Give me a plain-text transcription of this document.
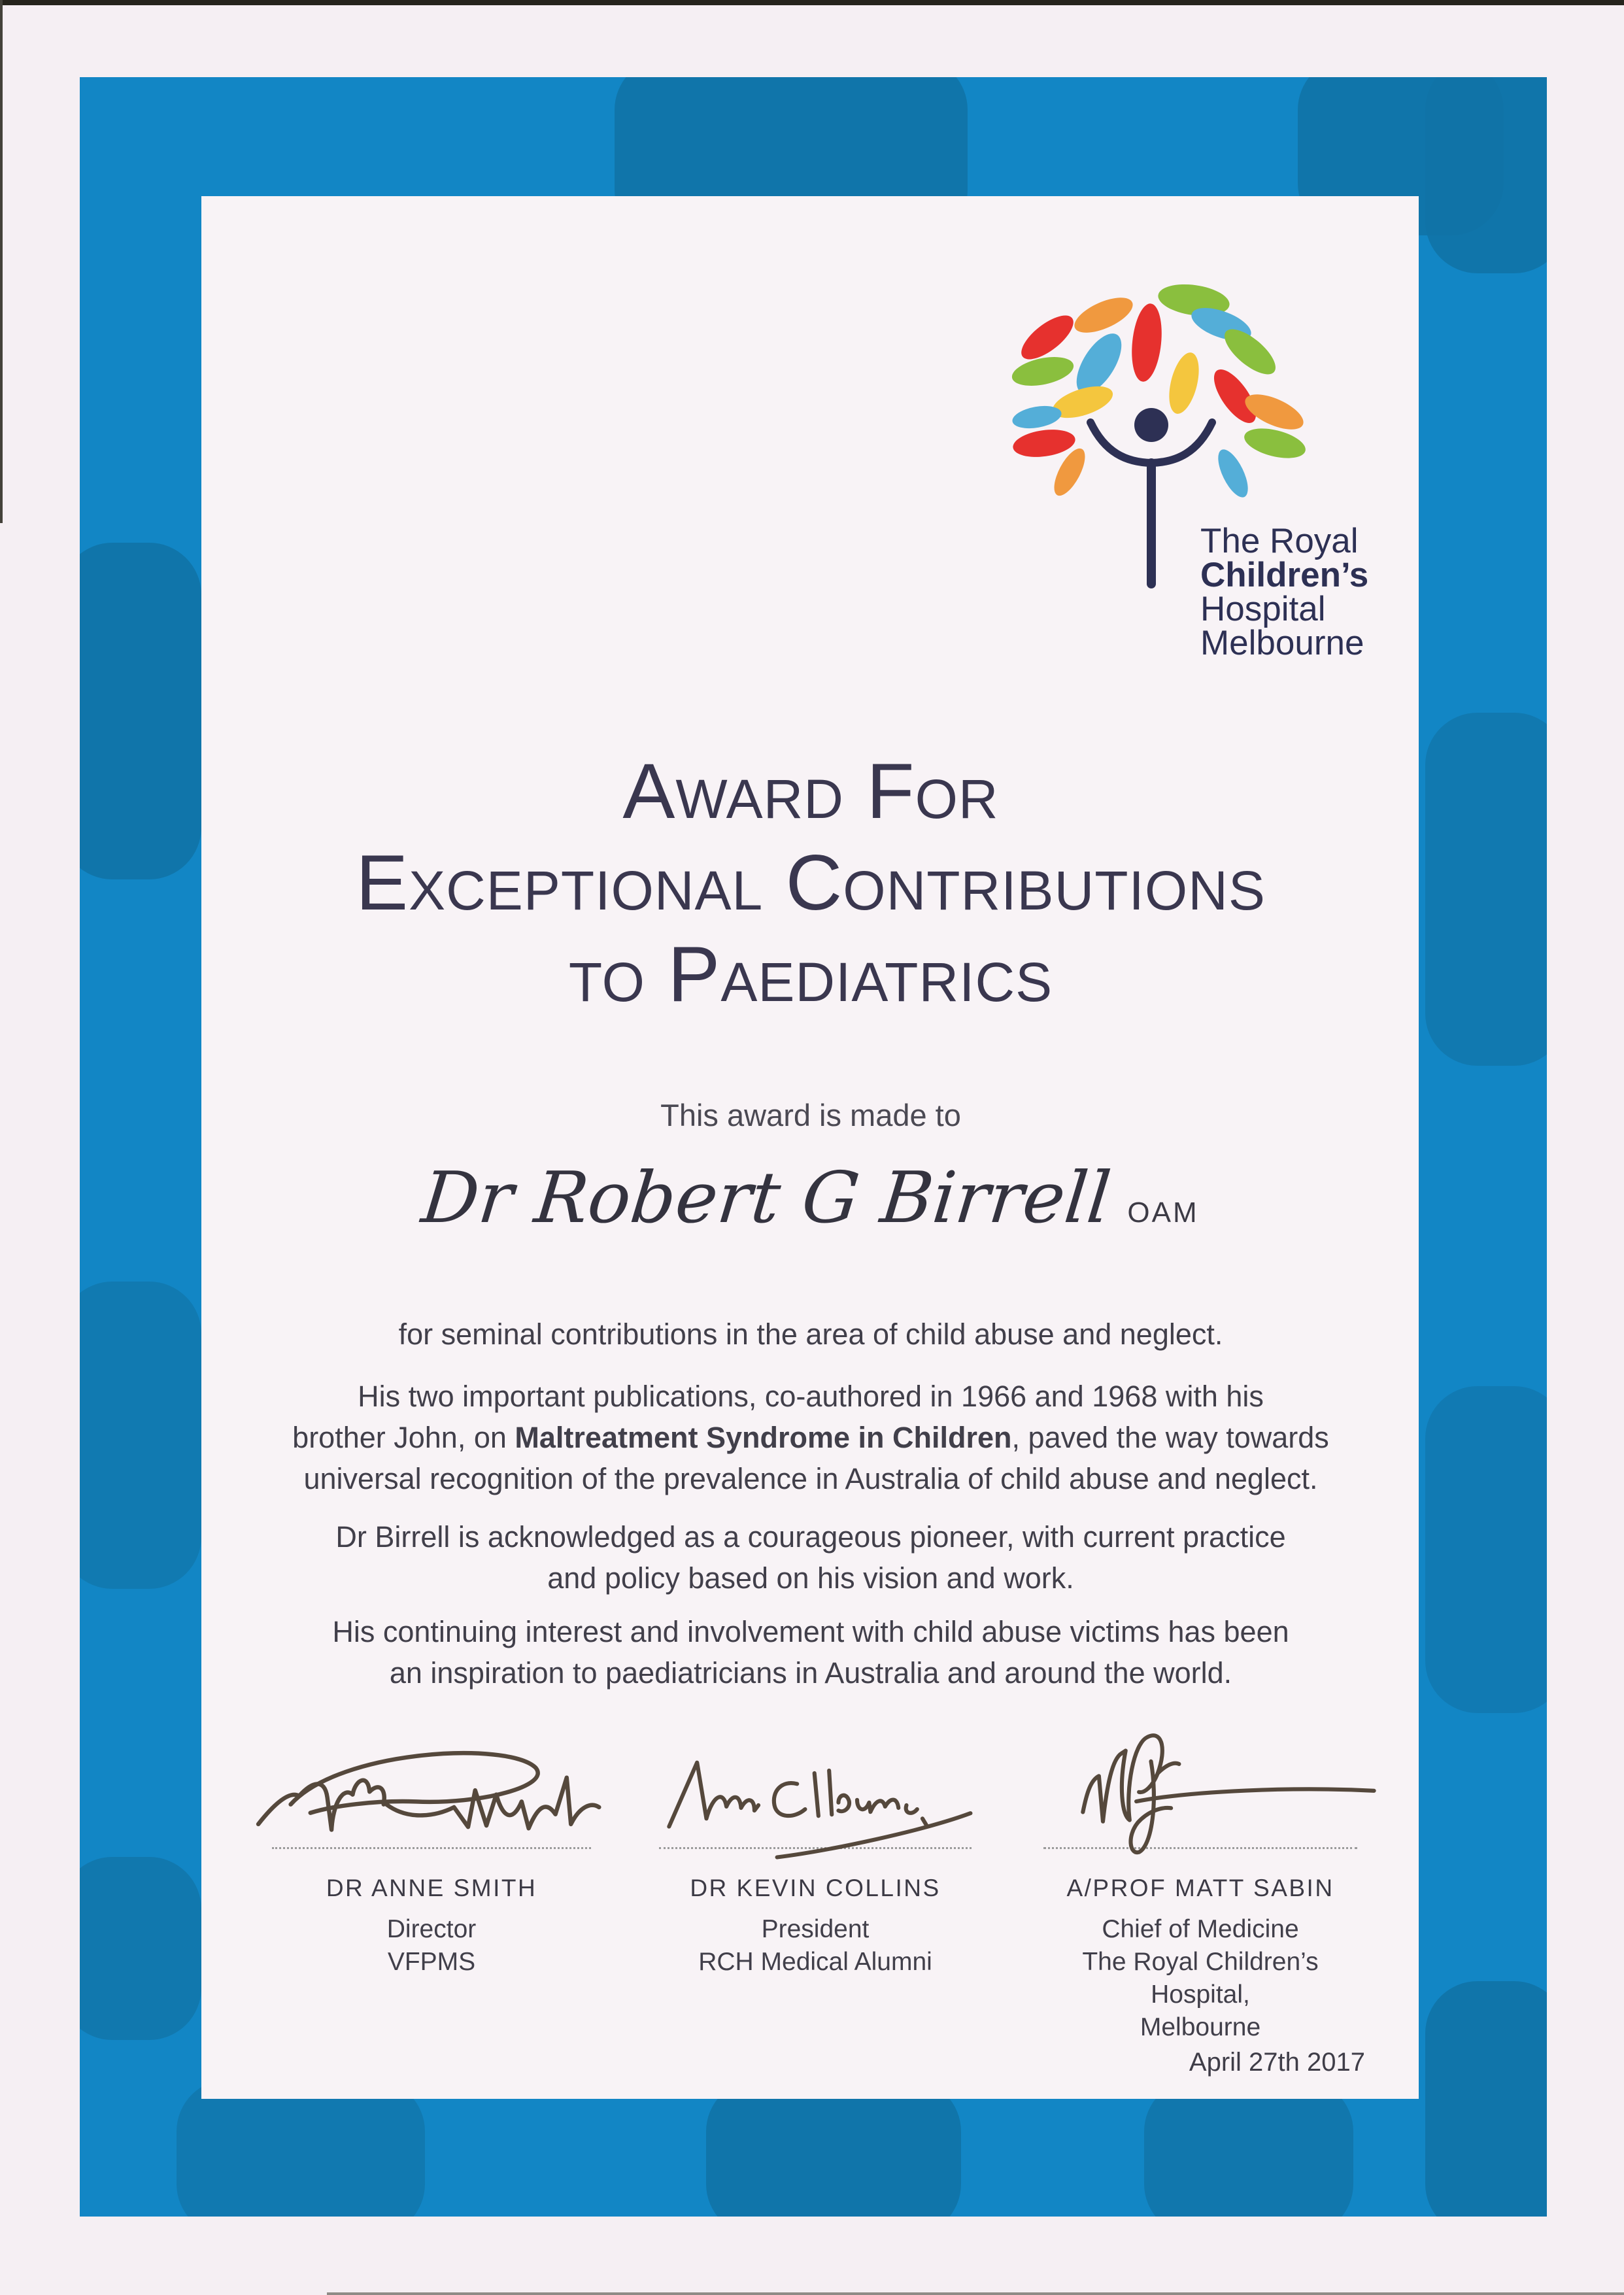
The Royal
Children’s
Hospital
Melbourne
Award For
Exceptional Contributions
to Paediatrics
This award is made to
Dr Robert G Birrell OAM
for seminal contributions in the area of child abuse and neglect.
His two important publications, co-authored in 1966 and 1968 with his
brother John, on Maltreatment Syndrome in Children, paved the way towards
universal recognition of the prevalence in Australia of child abuse and neglect.
Dr Birrell is acknowledged as a courageous pioneer, with current practice
and policy based on his vision and work.
His continuing interest and involvement with child abuse victims has been
an inspiration to paediatricians in Australia and around the world.
DR ANNE SMITH	DR KEVIN COLLINS	A/PROF MATT SABIN
Director
VFPMS
President
RCH Medical Alumni
Chief of Medicine
The Royal Children’s Hospital,
Melbourne
April 27th 2017
